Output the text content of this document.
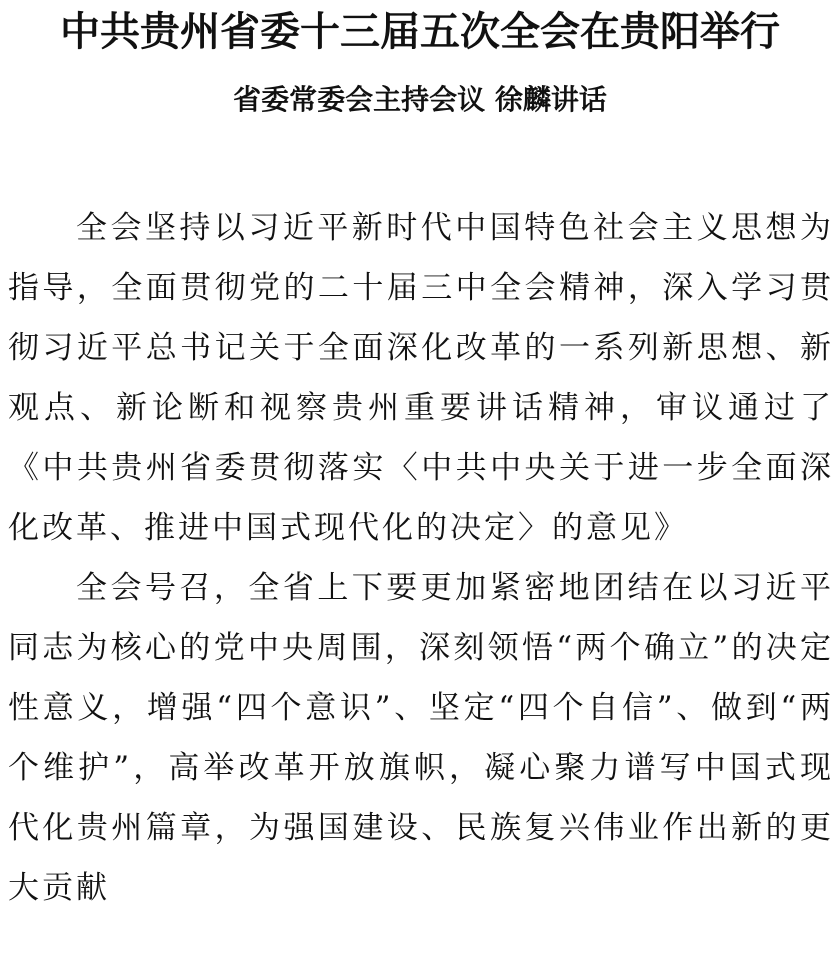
中共贵州省委十三届五次全会在贵阳举行
省委常委会主持会议 徐麟讲话

全会坚持以习近平新时代中国特色社会主义思想为指导，全面贯彻党的二十届三中全会精神，深入学习贯彻习近平总书记关于全面深化改革的一系列新思想、新观点、新论断和视察贵州重要讲话精神，审议通过了《中共贵州省委贯彻落实〈中共中央关于进一步全面深化改革、推进中国式现代化的决定〉的意见》

全会号召，全省上下要更加紧密地团结在以习近平同志为核心的党中央周围，深刻领悟“两个确立”的决定性意义，增强“四个意识”、坚定“四个自信”、做到“两个维护”，高举改革开放旗帜，凝心聚力谱写中国式现代化贵州篇章，为强国建设、民族复兴伟业作出新的更大贡献
